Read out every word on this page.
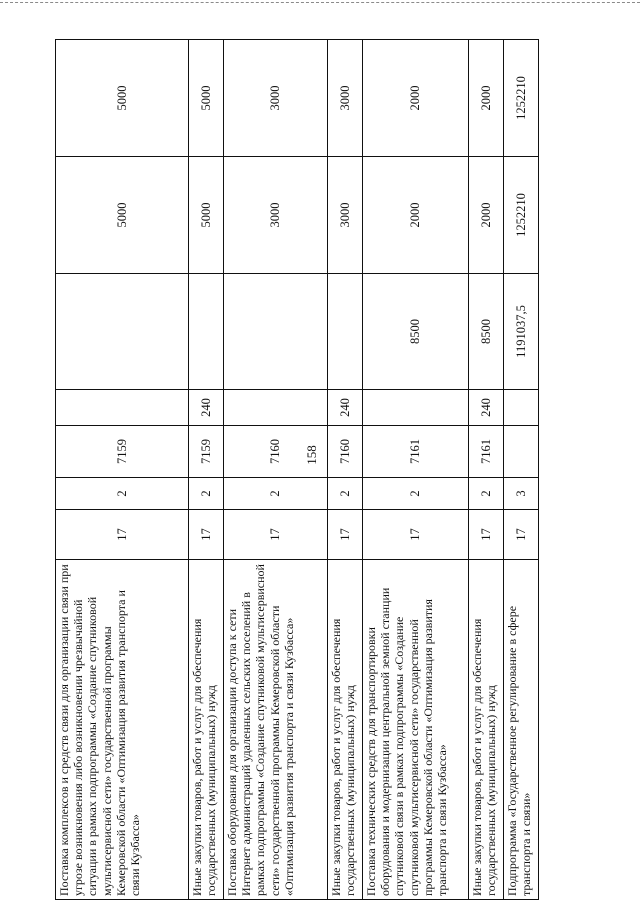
158
Поставка комплексов и средств связи для организации связи при угрозе возникновения либо возникновении чрезвычайной ситуации в рамках подпрограммы «Создание спутниковой мультисервисной сети» государственной программы Кемеровской области «Оптимизация развития транспорта и связи Кузбасса»	17	2	7159			5000	5000
Иные закупки товаров, работ и услуг для обеспечения государственных (муниципальных) нужд	17	2	7159	240		5000	5000
Поставка оборудования для организации доступа к сети Интернет администраций удаленных сельских поселений в рамках подпрограммы «Создание спутниковой мультисервисной сети» государственной программы Кемеровской области «Оптимизация развития транспорта и связи Кузбасса»	17	2	7160			3000	3000
Иные закупки товаров, работ и услуг для обеспечения государственных (муниципальных) нужд	17	2	7160	240		3000	3000
Поставка технических средств для транспортировки оборудования и модернизации центральной земной станции спутниковой связи в рамках подпрограммы «Создание спутниковой мультисервисной сети» государственной программы Кемеровской области «Оптимизация развития транспорта и связи Кузбасса»	17	2	7161		8500	2000	2000
Иные закупки товаров, работ и услуг для обеспечения государственных (муниципальных) нужд	17	2	7161	240	8500	2000	2000
Подпрограмма «Государственное регулирование в сфере транспорта и связи»	17	3			1191037,5	1252210	1252210
